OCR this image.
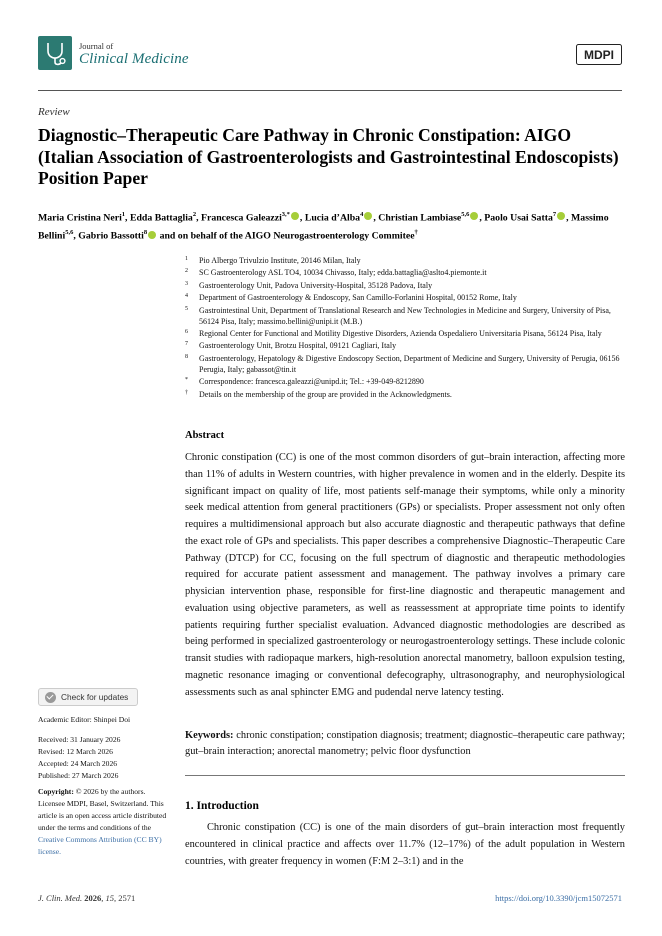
Journal of
Clinical Medicine	MDPI
Review
Diagnostic–Therapeutic Care Pathway in Chronic Constipation: AIGO (Italian Association of Gastroenterologists and Gastrointestinal Endoscopists) Position Paper
Maria Cristina Neri$^1$, Edda Battaglia$^2$, Francesca Galeazzi$^{3,*}$ , Lucia d’Alba$^4$ , Christian Lambiase$^{5,6}$ , Paolo Usai Satta$^7$ , Massimo Bellini$^{5,6}$, Gabrio Bassotti$^8$ and on behalf of the AIGO Neurogastroenterology Commitee†
1	Pio Albergo Trivulzio Institute, 20146 Milan, Italy
2	SC Gastroenterology ASL TO4, 10034 Chivasso, Italy; edda.battaglia@aslto4.piemonte.it
3	Gastroenterology Unit, Padova University-Hospital, 35128 Padova, Italy
4	Department of Gastroenterology & Endoscopy, San Camillo-Forlanini Hospital, 00152 Rome, Italy
5	Gastrointestinal Unit, Department of Translational Research and New Technologies in Medicine and Surgery, University of Pisa, 56124 Pisa, Italy; massimo.bellini@unipi.it (M.B.)
6	Regional Center for Functional and Motility Digestive Disorders, Azienda Ospedaliero Universitaria Pisana, 56124 Pisa, Italy
7	Gastroenterology Unit, Brotzu Hospital, 09121 Cagliari, Italy
8	Gastroenterology, Hepatology & Digestive Endoscopy Section, Department of Medicine and Surgery, University of Perugia, 06156 Perugia, Italy; gabassot@tin.it
*	Correspondence: francesca.galeazzi@unipd.it; Tel.: +39-049-8212890
†	Details on the membership of the group are provided in the Acknowledgments.
Abstract
Chronic constipation (CC) is one of the most common disorders of gut–brain interaction, affecting more than 11% of adults in Western countries, with higher prevalence in women and in the elderly. Despite its significant impact on quality of life, most patients self-manage their symptoms, while only a minority seek medical attention from general practitioners (GPs) or specialists. Proper assessment not only often requires a multidimensional approach but also accurate diagnostic and therapeutic pathways that define the exact role of GPs and specialists. This paper describes a comprehensive Diagnostic–Therapeutic Care Pathway (DTCP) for CC, focusing on the full spectrum of diagnostic and therapeutic methodologies required for accurate patient assessment and management. The pathway involves a primary care physician intervention phase, responsible for first-line diagnostic and therapeutic management and evaluation using objective parameters, as well as reassessment at appropriate time points to identify patients requiring further specialist evaluation. Advanced diagnostic methodologies are described as being performed in specialized gastroenterology or neurogastroenterology settings. These include colonic transit studies with radiopaque markers, high-resolution anorectal manometry, balloon expulsion testing, magnetic resonance imaging or conventional defecography, ultrasonography, and neurophysiological assessments such as anal sphincter EMG and pudendal nerve latency testing.
Keywords: chronic constipation; constipation diagnosis; treatment; diagnostic–therapeutic care pathway; gut–brain interaction; anorectal manometry; pelvic floor dysfunction
1. Introduction
Chronic constipation (CC) is one of the main disorders of gut–brain interaction most frequently encountered in clinical practice and affects over 11.7% (12–17%) of the adult population in Western countries, with greater frequency in women (F:M 2–3:1) and in the
Check for updates
Academic Editor: Shinpei Doi
Received: 31 January 2026
Revised: 12 March 2026
Accepted: 24 March 2026
Published: 27 March 2026
Copyright: © 2026 by the authors. Licensee MDPI, Basel, Switzerland. This article is an open access article distributed under the terms and conditions of the Creative Commons Attribution (CC BY) license.
J. Clin. Med. 2026, 15, 2571	https://doi.org/10.3390/jcm15072571
